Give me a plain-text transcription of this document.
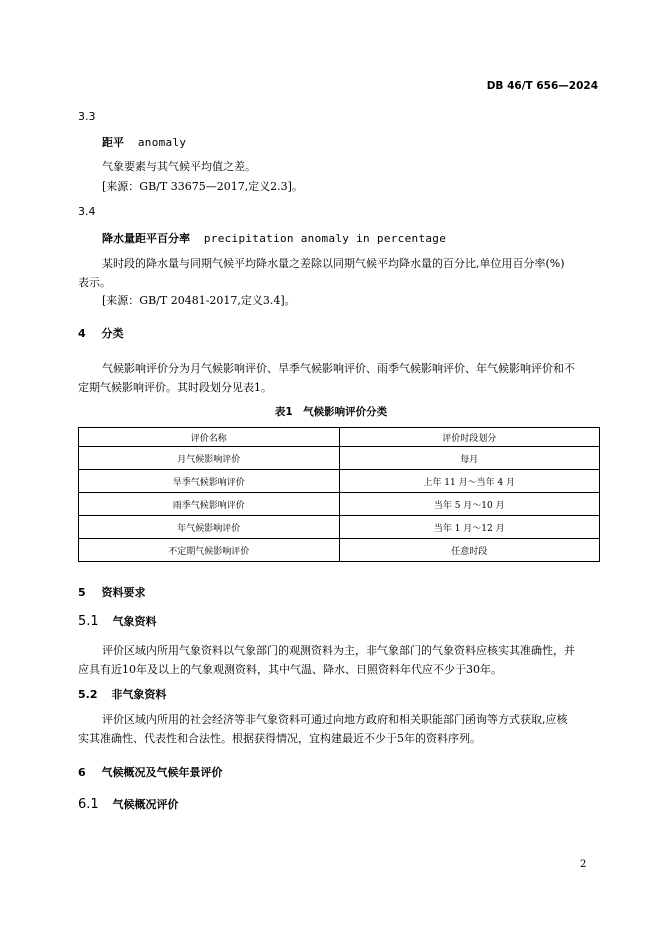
DB 46/T 656—2024
3.3
距平 anomaly
气象要素与其气候平均值之差。
[来源：GB/T 33675—2017,定义2.3]。
3.4
降水量距平百分率 precipitation anomaly in percentage
某时段的降水量与同期气候平均降水量之差除以同期气候平均降水量的百分比,单位用百分率(%)
表示。
[来源：GB/T 20481-2017,定义3.4]。
4 分类
气候影响评价分为月气候影响评价、旱季气候影响评价、雨季气候影响评价、年气候影响评价和不
定期气候影响评价。其时段划分见表1。
表1　气候影响评价分类
评价名称	评价时段划分
月气候影响评价	每月
旱季气候影响评价	上年 11 月～当年 4 月
雨季气候影响评价	当年 5 月～10 月
年气候影响评价	当年 1 月～12 月
不定期气候影响评价	任意时段
5 资料要求
5.1 气象资料
评价区域内所用气象资料以气象部门的观测资料为主，非气象部门的气象资料应核实其准确性，并
应具有近10年及以上的气象观测资料，其中气温、降水、日照资料年代应不少于30年。
5.2 非气象资料
评价区域内所用的社会经济等非气象资料可通过向地方政府和相关职能部门函询等方式获取,应核
实其准确性、代表性和合法性。根据获得情况，宜构建最近不少于5年的资料序列。
6 气候概况及气候年景评价
6.1 气候概况评价
2
